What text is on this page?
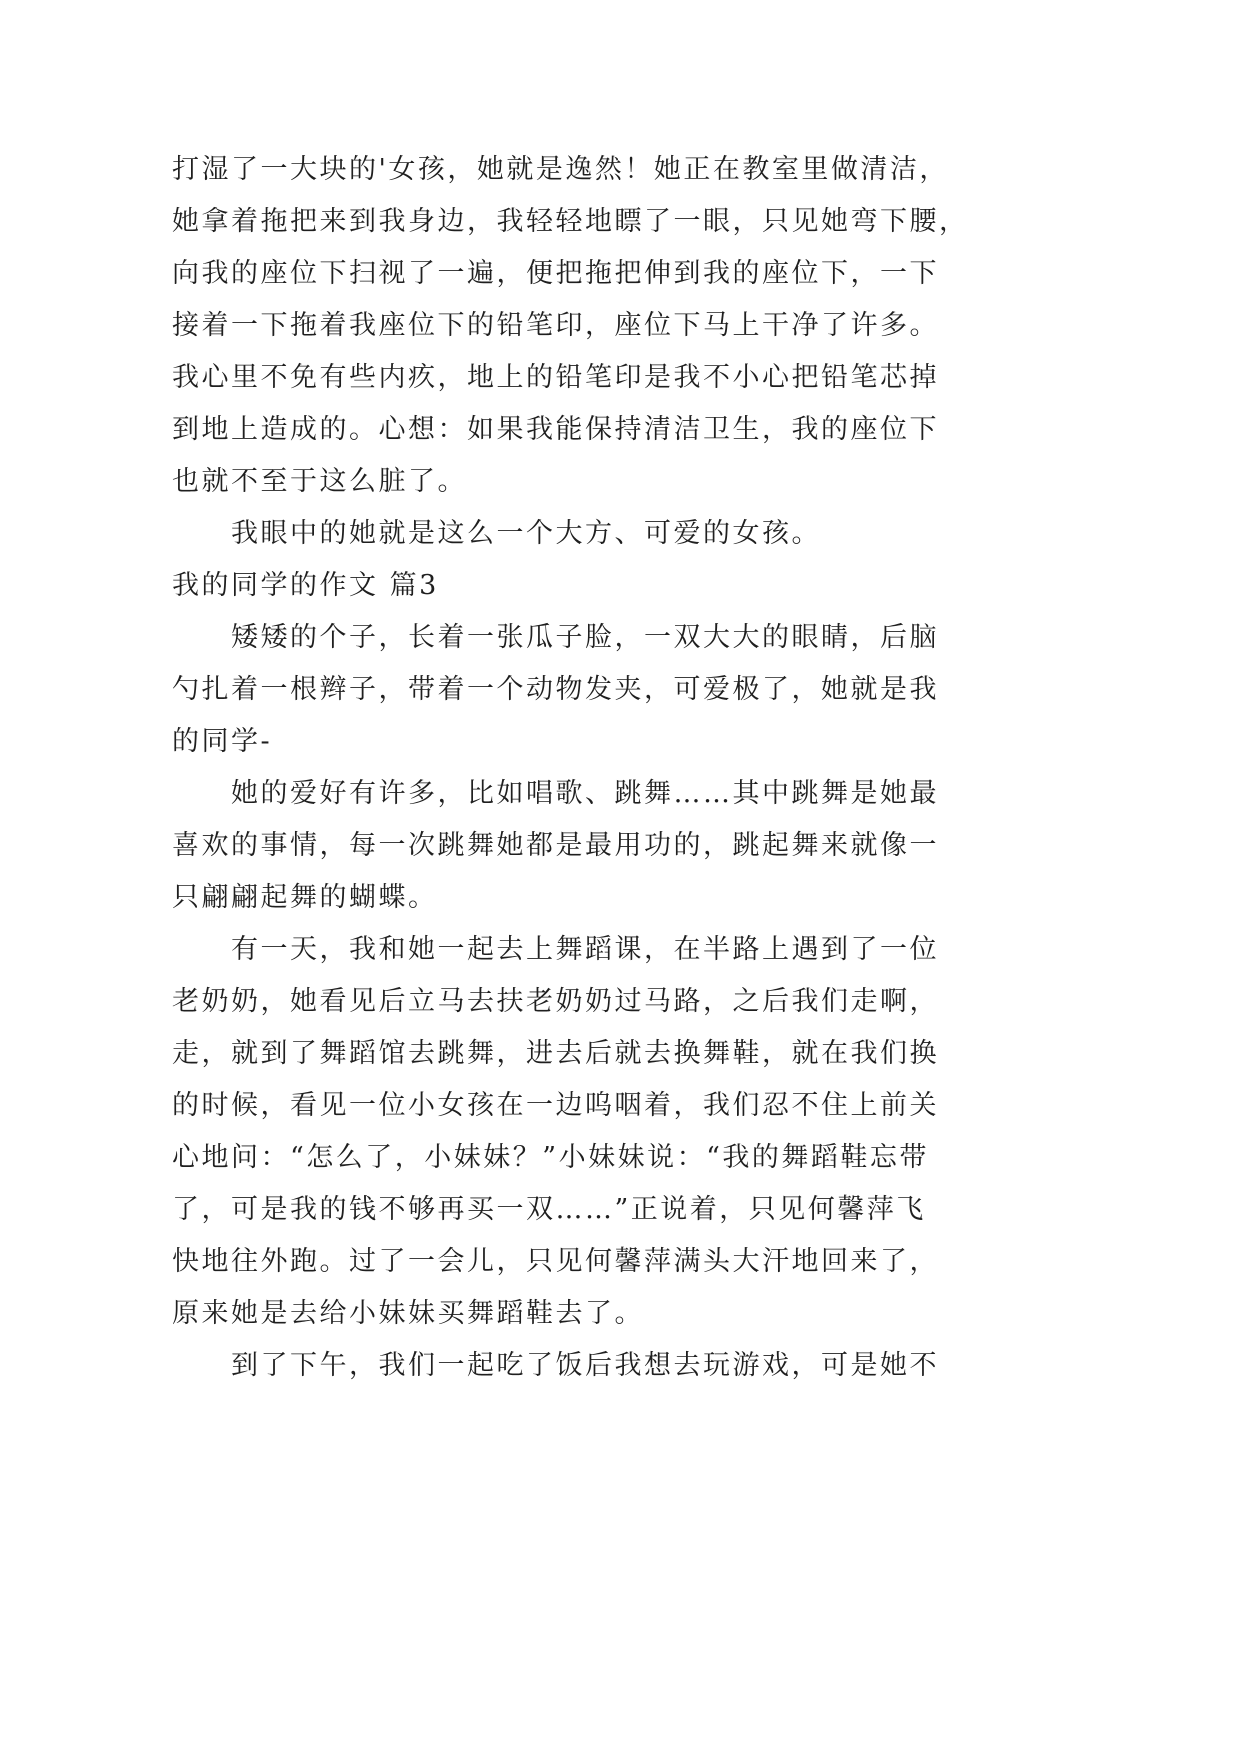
打湿了一大块的'女孩，她就是逸然！她正在教室里做清洁，
她拿着拖把来到我身边，我轻轻地瞟了一眼，只见她弯下腰，
向我的座位下扫视了一遍，便把拖把伸到我的座位下，一下
接着一下拖着我座位下的铅笔印，座位下马上干净了许多。
我心里不免有些内疚，地上的铅笔印是我不小心把铅笔芯掉
到地上造成的。心想：如果我能保持清洁卫生，我的座位下
也就不至于这么脏了。
我眼中的她就是这么一个大方、可爱的女孩。
我的同学的作文 篇3
矮矮的个子，长着一张瓜子脸，一双大大的眼睛，后脑
勺扎着一根辫子，带着一个动物发夹，可爱极了，她就是我
的同学-
她的爱好有许多，比如唱歌、跳舞……其中跳舞是她最
喜欢的事情，每一次跳舞她都是最用功的，跳起舞来就像一
只翩翩起舞的蝴蝶。
有一天，我和她一起去上舞蹈课，在半路上遇到了一位
老奶奶，她看见后立马去扶老奶奶过马路，之后我们走啊，
走，就到了舞蹈馆去跳舞，进去后就去换舞鞋，就在我们换
的时候，看见一位小女孩在一边呜咽着，我们忍不住上前关
心地问：“怎么了，小妹妹？”小妹妹说：“我的舞蹈鞋忘带
了，可是我的钱不够再买一双……”正说着，只见何馨萍飞
快地往外跑。过了一会儿，只见何馨萍满头大汗地回来了，
原来她是去给小妹妹买舞蹈鞋去了。
到了下午，我们一起吃了饭后我想去玩游戏，可是她不
